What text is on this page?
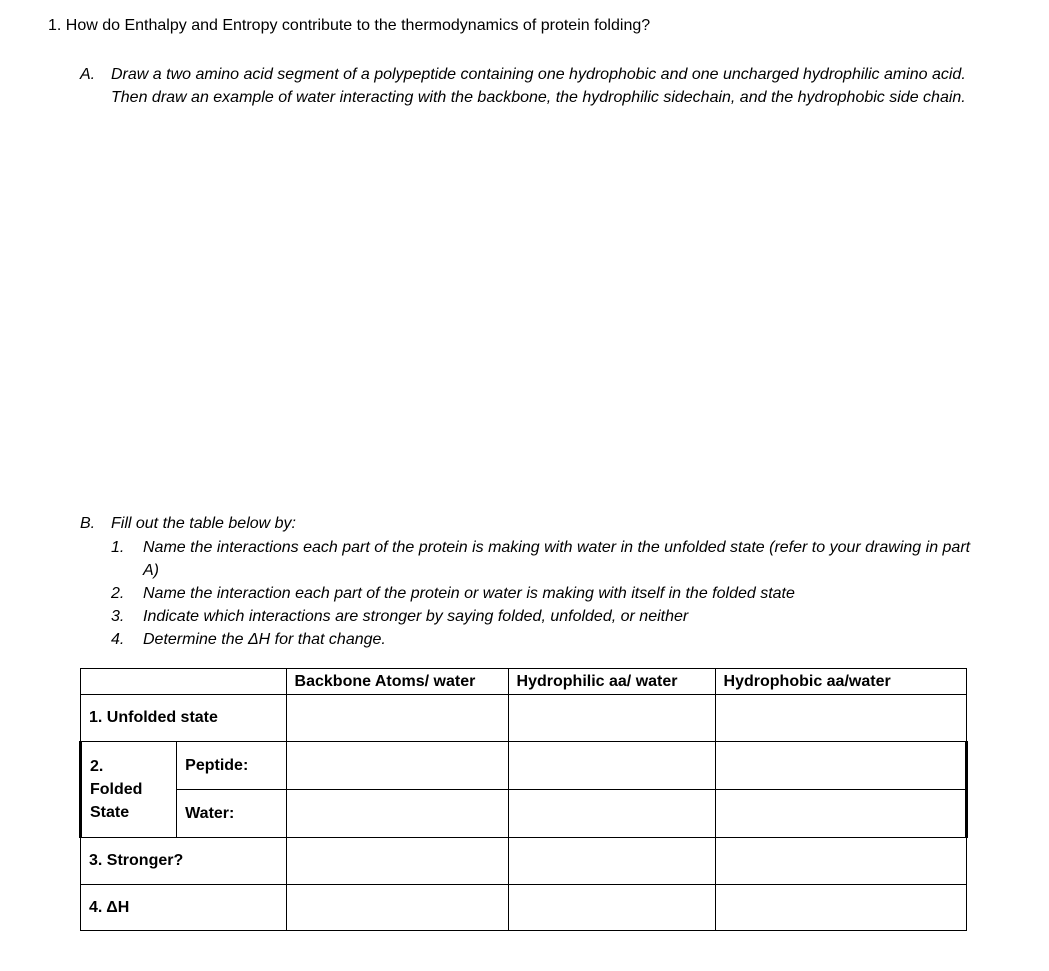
1. How do Enthalpy and Entropy contribute to the thermodynamics of protein folding?
A. Draw a two amino acid segment of a polypeptide containing one hydrophobic and one uncharged hydrophilic amino acid. Then draw an example of water interacting with the backbone, the hydrophilic sidechain, and the hydrophobic side chain.
B. Fill out the table below by:
1. Name the interactions each part of the protein is making with water in the unfolded state (refer to your drawing in part A)
2. Name the interaction each part of the protein or water is making with itself in the folded state
3. Indicate which interactions are stronger by saying folded, unfolded, or neither
4. Determine the ΔH for that change.
		Backbone Atoms/ water	Hydrophilic aa/ water	Hydrophobic aa/water
1. Unfolded state				

2.
Folded
State	Peptide:			
	Water:			
3. Stronger?				
4. ΔH				
